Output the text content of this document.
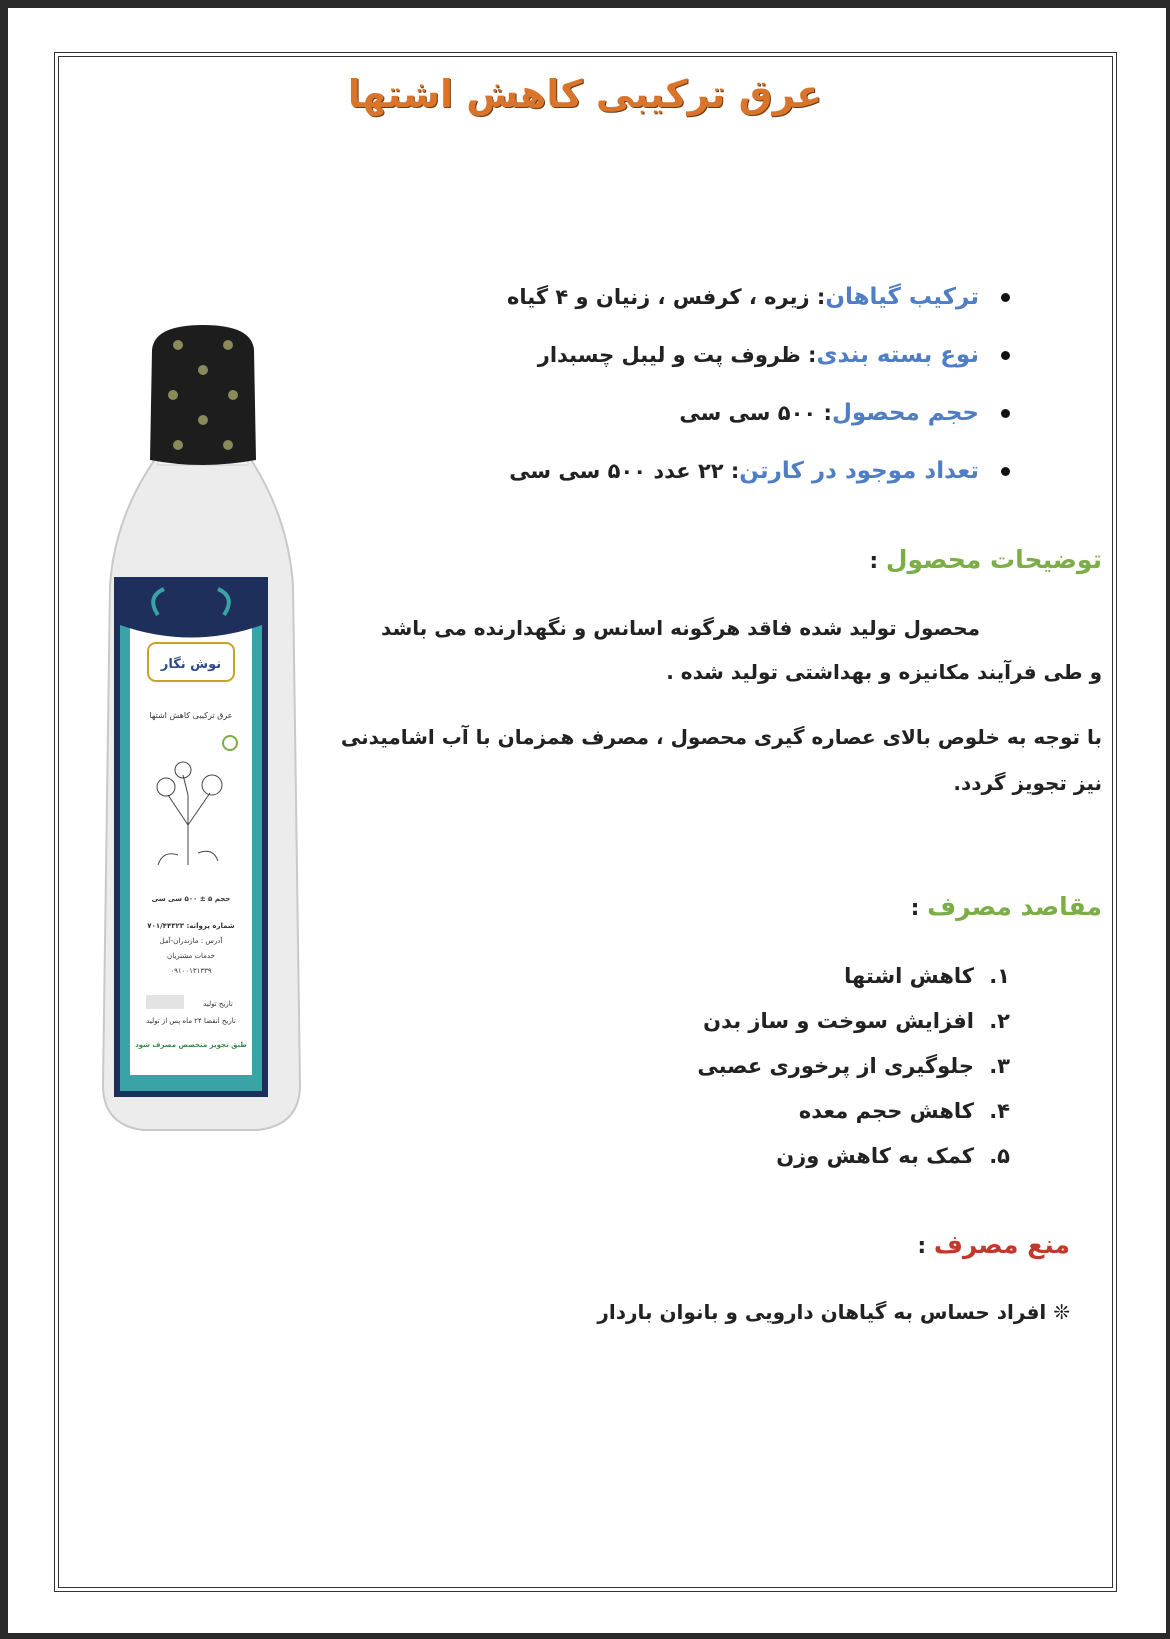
عرق ترکیبی کاهش اشتها
نوش نگار
عرق ترکیبی کاهش اشتها
حجم ۵ ± ۵۰۰ سی سی
شماره پروانه: ۷۰۱/۴۴۳۲۳
آدرس : مازندران-آمل
خدمات مشتریان
۰۹۱۰۰۱۳۱۳۳۹
تاریخ تولید
تاریخ انقضا ۲۴ ماه پس از تولید
طبق تجویز متخصص مصرف شود
ترکیب گیاهان
: زیره ، کرفس ، زنیان و ۴ گیاه
نوع بسته بندی
: ظروف پت و لیبل چسبدار
حجم محصول
: ۵۰۰ سی سی
تعداد موجود در کارتن
: ۲۲ عدد ۵۰۰ سی سی
توضیحات محصول :
محصول تولید شده فاقد هرگونه اسانس و نگهدارنده می باشد
و طی فرآیند مکانیزه و بهداشتی تولید شده .
با توجه به خلوص بالای عصاره گیری محصول ، مصرف همزمان با آب اشامیدنی
نیز تجویز گردد.
مقاصد مصرف :
۱.
کاهش اشتها
۲.
افزایش سوخت و ساز بدن
۳.
جلوگیری از پرخوری عصبی
۴.
کاهش حجم معده
۵.
کمک به کاهش وزن
منع مصرف :
❊ افراد حساس به گیاهان دارویی و بانوان باردار
